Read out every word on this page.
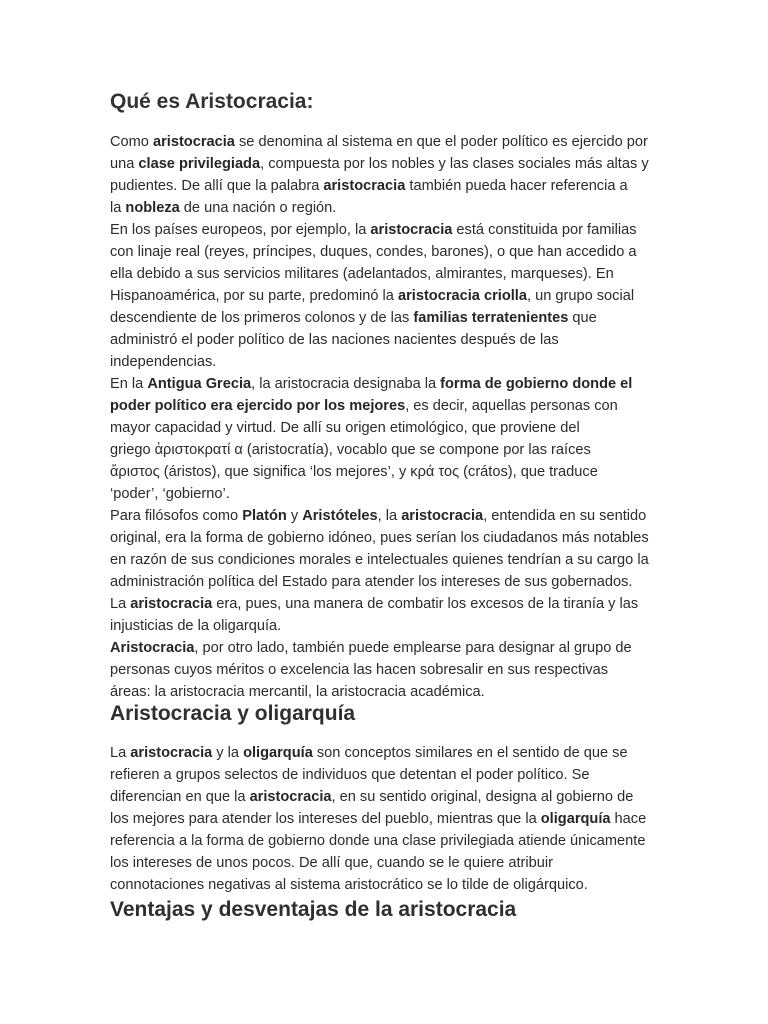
Qué es Aristocracia:
Como aristocracia se denomina al sistema en que el poder político es ejercido por
una clase privilegiada, compuesta por los nobles y las clases sociales más altas y
pudientes. De allí que la palabra aristocracia también pueda hacer referencia a
la nobleza de una nación o región.
En los países europeos, por ejemplo, la aristocracia está constituida por familias
con linaje real (reyes, príncipes, duques, condes, barones), o que han accedido a
ella debido a sus servicios militares (adelantados, almirantes, marqueses). En
Hispanoamérica, por su parte, predominó la aristocracia criolla, un grupo social
descendiente de los primeros colonos y de las familias terratenientes que
administró el poder político de las naciones nacientes después de las
independencias.
En la Antigua Grecia, la aristocracia designaba la forma de gobierno donde el
poder político era ejercido por los mejores, es decir, aquellas personas con
mayor capacidad y virtud. De allí su origen etimológico, que proviene del
griego ἀριστοκρατί α (aristocratía), vocablo que se compone por las raíces
ἄριστος (áristos), que significa ‘los mejores’, y κρά τος (crátos), que traduce
‘poder’, ‘gobierno’.
Para filósofos como Platón y Aristóteles, la aristocracia, entendida en su sentido
original, era la forma de gobierno idóneo, pues serían los ciudadanos más notables
en razón de sus condiciones morales e intelectuales quienes tendrían a su cargo la
administración política del Estado para atender los intereses de sus gobernados.
La aristocracia era, pues, una manera de combatir los excesos de la tiranía y las
injusticias de la oligarquía.
Aristocracia, por otro lado, también puede emplearse para designar al grupo de
personas cuyos méritos o excelencia las hacen sobresalir en sus respectivas
áreas: la aristocracia mercantil, la aristocracia académica.
Aristocracia y oligarquía
La aristocracia y la oligarquía son conceptos similares en el sentido de que se
refieren a grupos selectos de individuos que detentan el poder político. Se
diferencian en que la aristocracia, en su sentido original, designa al gobierno de
los mejores para atender los intereses del pueblo, mientras que la oligarquía hace
referencia a la forma de gobierno donde una clase privilegiada atiende únicamente
los intereses de unos pocos. De allí que, cuando se le quiere atribuir
connotaciones negativas al sistema aristocrático se lo tilde de oligárquico.
Ventajas y desventajas de la aristocracia
